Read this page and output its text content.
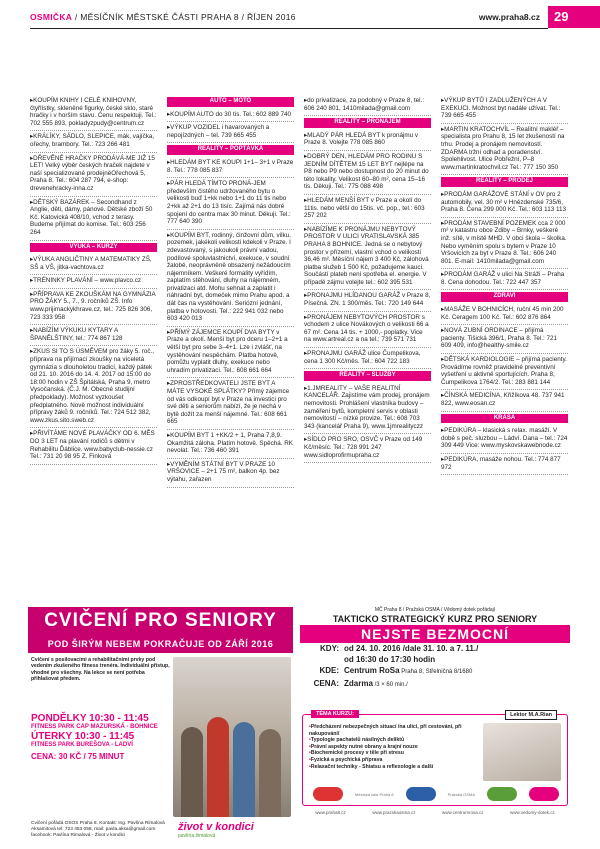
OSMIČKA / MĚSÍČNÍK MĚSTSKÉ ČÁSTI PRAHA 8 / ŘÍJEN 2016	www.praha8.cz	29
▸ KOUPÍM KNIHY I CELÉ KNIHOVNY, čtyřlístky, skleněné figurky, české sklo, staré hračky i v horším stavu. Cenu respektuji. Tel.: 702 555 893, pokladyzpudy@centrum.cz
▸ KRÁLÍKY, SÁDLO, SLEPICE, mák, vajíčka, ořechy, brambory. Tel.: 723 266 481
▸ DŘEVĚNÉ HRAČKY PRODÁVÁ-ME JIŽ 15 LET! Velký výběr českých hraček najdete v naší specializované prodejněOřechová 5, Praha 8. Tel.: 604 287 794, e-shop: drevenehracky-inna.cz
▸ DĚTSKÝ BAZÁREK – Secondhand z Anglie, děti, dámy, pánové. Dětské zboží 50 Kč. Katovická 408/10, vchod z terasy. Budeme přijímat do komise. Tel.: 603 256 264
VÝUKA – KURZY
▸ VÝUKA ANGLIČTINY A MATEMATIKY ZŠ, SŠ a VŠ, jitka-vachtova.cz
▸ TRÉNINKY PLAVÁNÍ – www.plavco.cz
▸ PŘÍPRAVA KE ZKOUŠKÁM NA GYMNÁZIA PRO ŽÁKY 5., 7., 9. ročníků ZŠ. Info www.prijimackykhrave.cz, tel.: 725 826 306, 723 333 958
▸ NABÍZÍM VÝKUKU KYTARY A ŠPANĚLŠTINY, tel.: 774 867 128
▸ ZKUS SI TO S ÚSMĚVEM pro žáky 5. roč., příprava na přijímací zkoušky na víceletá gymnázia s dlouholetou tradicí, každý pátek od 21. 10. 2016 do 14. 4. 2017 od 15:00 do 18:00 hodin v ZŠ Špitálská, Praha 9, metro Vysočanská. (Č.J. M. Obecné studijní předpoklady). Možnost vyzkoušet předplatného. Nově možnost individuální přípravy žáků 9. ročníků. Tel.: 724 512 382, www.zkus.sito.sweb.cz
▸ PŘIVÍTÁME NOVÉ PLAVÁČKY OD 6. MĚS DO 3 LET na plavání rodičů s dětmi v Rehabilitu Ďáblice. www.babyclub-nessie.cz Tel.: 731 20 98 95 Z. Finková
AUTO – MOTO
▸ KOUPÍM AUTO do 30 tis. Tel.: 602 889 740
▸ VÝKUP VOZIDEL i havarovaných a nepojízdných – tel. 739 665 455
REALITY – POPTÁVKA
▸ HLEDÁM BYT KE KOUPI 1+1– 3+1 v Praze 8. Tel.: 778 085 837
▸ PÁR HLEDÁ TÍMTO PRONÁ-JEM především čistého udržovaného bytu o velikosti buď 1+kk nebo 1+1 do 11 tis nebo 2+kk až 2+1 do 13 tisíc. Zajímá nás dobré spojení do centra max 30 minut. Děkuji. Tel.: 777 640 390
▸ KOUPÍM BYT, rodinný, činžovní dům, vilku, pozemek, jakékoli velikosti kdekoli v Praze. I zdevastovaný, s jakoukoli právní vadou, podílové spoluvlastnictví, exekuce, v soudní žalobě, neoprávněně obsazený nežádoucím nájemníkem. Veškeré formality vyřídím, zaplatím stěhování, dluhy na nájemném, privatizaci atd. Mohu sehnat a zaplatit i náhradní byt, domeček mimo Prahu apod. a dát čas na vystěhování. Seriózní jednání, platba v hotovosti. Tel.: 222 941 032 nebo 603 420 013
▸ PŘÍMÝ ZÁJEMCE KOUPÍ DVA BYTY v Praze a okolí. Menší byt pro dceru 1–2+1 a větší byt pro sebe 3–4+1. Lze i zvlášť, na vystěhování nespěchám. Platba hotově, pomůžu vyplatit dluhy, exekuce nebo uhradím privatizaci. Tel.: 608 661 664
▸ ZPROSTŘEDKOVATELI JSTE BYT A MÁTE VYSOKÉ SPLÁTKY? Přímý zájemce od vás odkoupí byt v Praze na investici pro své děti a seniorům nabízí, že je nechá v bytě dožít za menší nájemné. Tel.: 608 661 665
▸ KOUPÍM BYT 1 +KK/2 + 1, Praha 7,8,9. Okamžitá záloha. Platím hotově. Spěchá. RK nevolat. Tel.: 736 460 391
▸ VYMĚNÍM STÁTNÍ BYT V PRAZE 10 VRŠOVICE – 2+1 75 m², balkon 4p. bez výtahu, zařazen
▸ do privatizace, za podobný v Praze 8, tel.: 606 240 801, 1410milada@gmail.com
REALITY – PRONÁJEM
▸ MLADÝ PÁR HLEDÁ BYT k pronájmu v Praze 8. Volejte 778 085 860
▸ DOBRÝ DEN, HLEDÁM PRO RODINU S JEDNÍM DÍTĚTEM 15 LET BYT nejlépe na P8 nebo P9 nebo dostupnost do 20 minut do této lokality. Velikost 60–80 m², cena 15–16 tis. Děkuji. Tel.: 775 088 498
▸ HLEDÁM MENŠÍ BYT v Praze a okolí do 11tis. nebo větší do 15tis. vč. pop., tel.: 603 257 202
▸ NABÍZÍME K PRONÁJMU NEBYTOVÝ PROSTOR V ULICI VRATISLAVSKÁ 385 PRAHA 8 BOHNICE. Jedná se o nebytový prostor v přízemí, vlastní vchod o velikosti 36,46 m². Měsíční nájem 3 400 Kč, zálohová platba služeb 1 500 Kč, požadujeme kauci. Součástí plateb není spotřeba el. energie. V případě zájmu volejte tel.: 602 395 531
▸ PRONAJMU HLÍDANOU GARÁŽ v Praze 8, Písečná. ZN. 1 300/měs. Tel.: 720 149 644
▸ PRONÁJEM NEBYTOVÝCH PROSTOR s vchodem z ulice Novákových o velikosti 66 a 67 m². Cena 14 tis. + 1000,- poplatky. Vice na www.artreal.cz a na tel.: 739 571 731
▸ PRONAJMU GARÁŽ ulice Čumpelikova, cena 1 300 Kč/měs. Tel.: 604 722 183
REALITY – SLUŽBY
▸ 1.JMREALITY – VAŠE REALITNÍ KANCELÁŘ. Zajistíme vám prodej, pronájem nemovitosti. Prohlášení vlastníka budovy – zaměření bytů, kompletní servis v oblasti nemovitostí – nízké provize. Tel.: 608 703 343 (kancelář Praha 9), www.1jmrealityczz
▸ SÍDLO PRO SRO, OSVČ v Praze od 149 Kč/měsíc. Tel.: 728 991 247 www.sidloprofirmupraha.cz
▸ VÝKUP BYTŮ I ZADLUŽENÝCH A V EXEKUCI. Možnost byt nadále užívat. Tel.: 739 665 455
▸ MARTIN KRATOCHVÍL – Realitní makléř – specialista pro Prahu 8, 15 let zkušeností na trhu. Prodej a pronájem nemovitostí. ZDARMA tržní odhad a poradenství. Spolehlivost. Ulice Pobřežní, P–8 www.martinkratochvil.cz Tel.: 777 150 350
REALITY – PRODEJ
▸ PRODÁM GARÁŽOVÉ STÁNÍ v OV pro 2 automobily, vel. 30 m² v Hnězdenské 735/6, Praha 8. Cena 299 000 Kč. Tel.: 603 113 113
▸ PRODÁM STAVEBNÍ POZEMEK cca 2 000 m² v katastru obce Zdiby – Brnky, veškeré inž. sítě, v místě MHD. V obci škola – školka. Nebo vyměním spolu s bytem v Praze 10 Vršovicích za byt v Praze 8. Tel.: 606 240 801. E-mail: 1410milada@gmail.com
▸ PRODÁM GARÁŽ v ulici Na Stráži – Praha 8. Cena dohodou. Tel.: 722 447 357
ZDRAVÍ
▸ MASÁŽE V BOHNICÍCH, ruční 45 min 200 Kč. Ceragem 100 Kč. Tel.: 602 876 864
▸ NOVÁ ZUBNÍ ORDINACE – přijímá pacienty. Tišická 396/1, Praha 8. Tel.: 721 609 409, info@healthy-smile.cz
▸ DĚTSKÁ KARDIOLOGIE – přijímá pacienty. Provádíme rovněž pravidelné preventivní vyšetření u aktivně sportujících. Praha 8, Čumpelikova 1764/2. Tel.: 283 881 144
▸ ČÍNSKÁ MEDICÍNA, Křižíkova 48. 737 941 822, www.eosan.cz
KRÁSA
▸ PEDIKÚRA – klasická s relax. masáží. V době s peč. sluzbou – Ládví. Dana – tel.: 724 309 449 Vice: www.myskovskawebnode.cz
▸ PEDIKÚRA, masáže nohou. Tel.: 774 877 972
CVIČENÍ PRO SENIORY
POD ŠIRÝM NEBEM POKRAČUJE OD ZÁŘÍ 2016
Cvičení s posilovacími a rehabilitačními prvky pod vedením zkušeného fitness trenéra. Individuální přístup, vhodné pro všechny. Na lekce se není potřeba přihlašovat předem.
PONDĚLKY 10:30 - 11:45
FITNESS PARK CAP MAZURSKÁ - BOHNICE
ÚTERKY 10:30 - 11:45
FITNESS PARK BUREŠOVA - LADVÍ
CENA: 30 KČ / 75 MINUT
Cvičení pořádá OSOS Praha 8. Kontakt: Ing. Pavlína Rimalová Aksamitová tel: 723 453 058, mail: pavla.aksa@gmail.com facebook: Pavlína Rimalová - Život v kondici
život v kondici
pavlína šimalová
MČ Praha 8 / Pražská OSMA / Vědomý dotek pořádají
TAKTICKO STRATEGICKÝ KURZ PRO SENIORY
NEJSTE BEZMOCNÍ
KDY: od 24. 10. 2016 /dale 31. 10. a 7. 11./
od 16:30 do 17:30 hodin
KDE: Centrum RoSa Praha 8, Střelničná 8/1680
CENA: Zdarma /3 × 60 min./
TÉMA KURZU:	Lektor M.A.Rian
• Předcházení nebezpečných situací /na ulici, při cestování, při nakupování/
• Typologie pachatelů násilných deliktů
• Právní aspekty nutné obrany a krajní nouze
• Biochemické procesy v těle při stresu
• Fyzická a psychická příprava
• Relaxační techniky - Shiatsu a reflexologie a další
Městská část Praha 8	Pražská OSMA
www.praha8.cz	www.prazskaosma.cz	www.centrumrosa.cz	www.vedomy-dotek.cz
